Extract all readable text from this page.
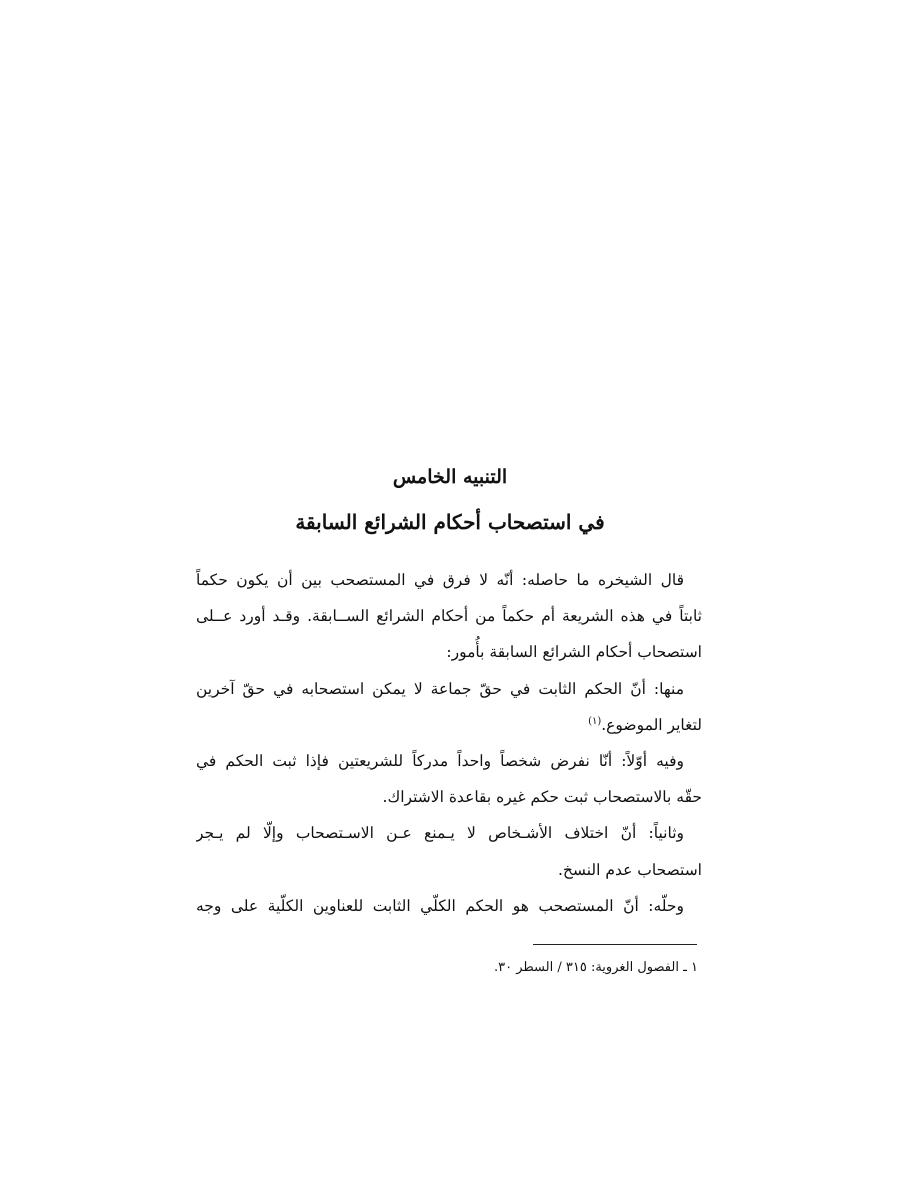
التنبيه الخامس
في استصحاب أحكام الشرائع السابقة
قال الشيخره ما حاصله: أنّه لا فرق في المستصحب بين أن يكون حكماً
ثابتاً في هذه الشريعة أم حكماً من أحكام الشرائع الســابقة. وقـد أورد عــلى
استصحاب أحكام الشرائع السابقة بأُمور:
منها: أنّ الحكم الثابت في حقّ جماعة لا يمكن استصحابه في حقّ آخرين
لتغاير الموضوع.$^{(١)}$
وفيه أوّلاً: أنّا نفرض شخصاً واحداً مدركاً للشريعتين فإذا ثبت الحكم في
حقّه بالاستصحاب ثبت حكم غيره بقاعدة الاشتراك.
وثانياً: أنّ اختلاف الأشـخاص لا يـمنع عـن الاسـتصحاب وإلّا لم يـجر
استصحاب عدم النسخ.
وحلّه: أنّ المستصحب هو الحكم الكلّي الثابت للعناوين الكلّية على وجه
١ ـ الفصول الغروية: ٣١٥ / السطر ٣٠.
